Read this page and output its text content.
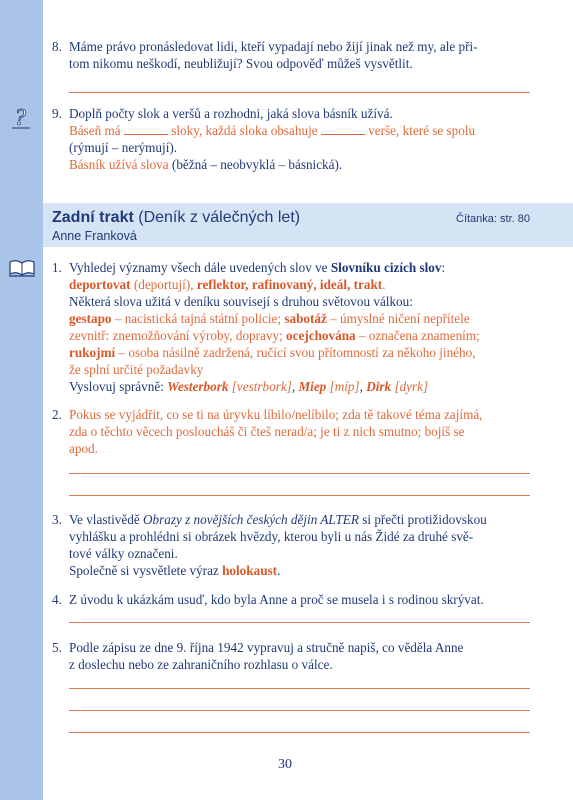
?
Zadní trakt (Deník z válečných let)
Anne Franková
Čítanka: str. 80
8. Máme právo pronásledovat lidi, kteří vypadají nebo žijí jinak než my, ale při-
tom nikomu neškodí, neubližují? Svou odpověď můžeš vysvětlit.
9. Doplň počty slok a veršů a rozhodni, jaká slova básník užívá.
Báseň má	sloky, každá sloka obsahuje	verše, které se spolu
(rýmují – nerýmují).
Básník užívá slova (běžná – neobvyklá – básnická).
1. Vyhledej významy všech dále uvedených slov ve Slovníku cizích slov:
deportovat (deportují), reflektor, rafinovaný, ideál, trakt.
Některá slova užitá v deníku souvisejí s druhou světovou válkou:
gestapo – nacistická tajná státní policie; sabotáž – úmyslné ničení nepřítele
zevnitř: znemožňování výroby, dopravy; ocejchována – označena znamením;
rukojmí – osoba násilně zadržená, ručící svou přítomností za někoho jiného,
že splní určité požadavky
Vyslovuj správně: Westerbork [vestrbork], Miep [míp], Dirk [dyrk]
2. Pokus se vyjádřit, co se ti na úryvku líbilo/nelíbilo; zda tě takové téma zajímá,
zda o těchto věcech posloucháš či čteš nerad/a; je ti z nich smutno; bojíš se
apod.
3. Ve vlastivědě Obrazy z novějších českých dějin ALTER si přečti protižidovskou
vyhlášku a prohlédni si obrázek hvězdy, kterou byli u nás Židé za druhé svě-
tové války označeni.
Společně si vysvětlete výraz holokaust.
4. Z úvodu k ukázkám usuď, kdo byla Anne a proč se musela i s rodinou skrývat.
5. Podle zápisu ze dne 9. října 1942 vypravuj a stručně napiš, co věděla Anne
z doslechu nebo ze zahraničního rozhlasu o válce.
30
